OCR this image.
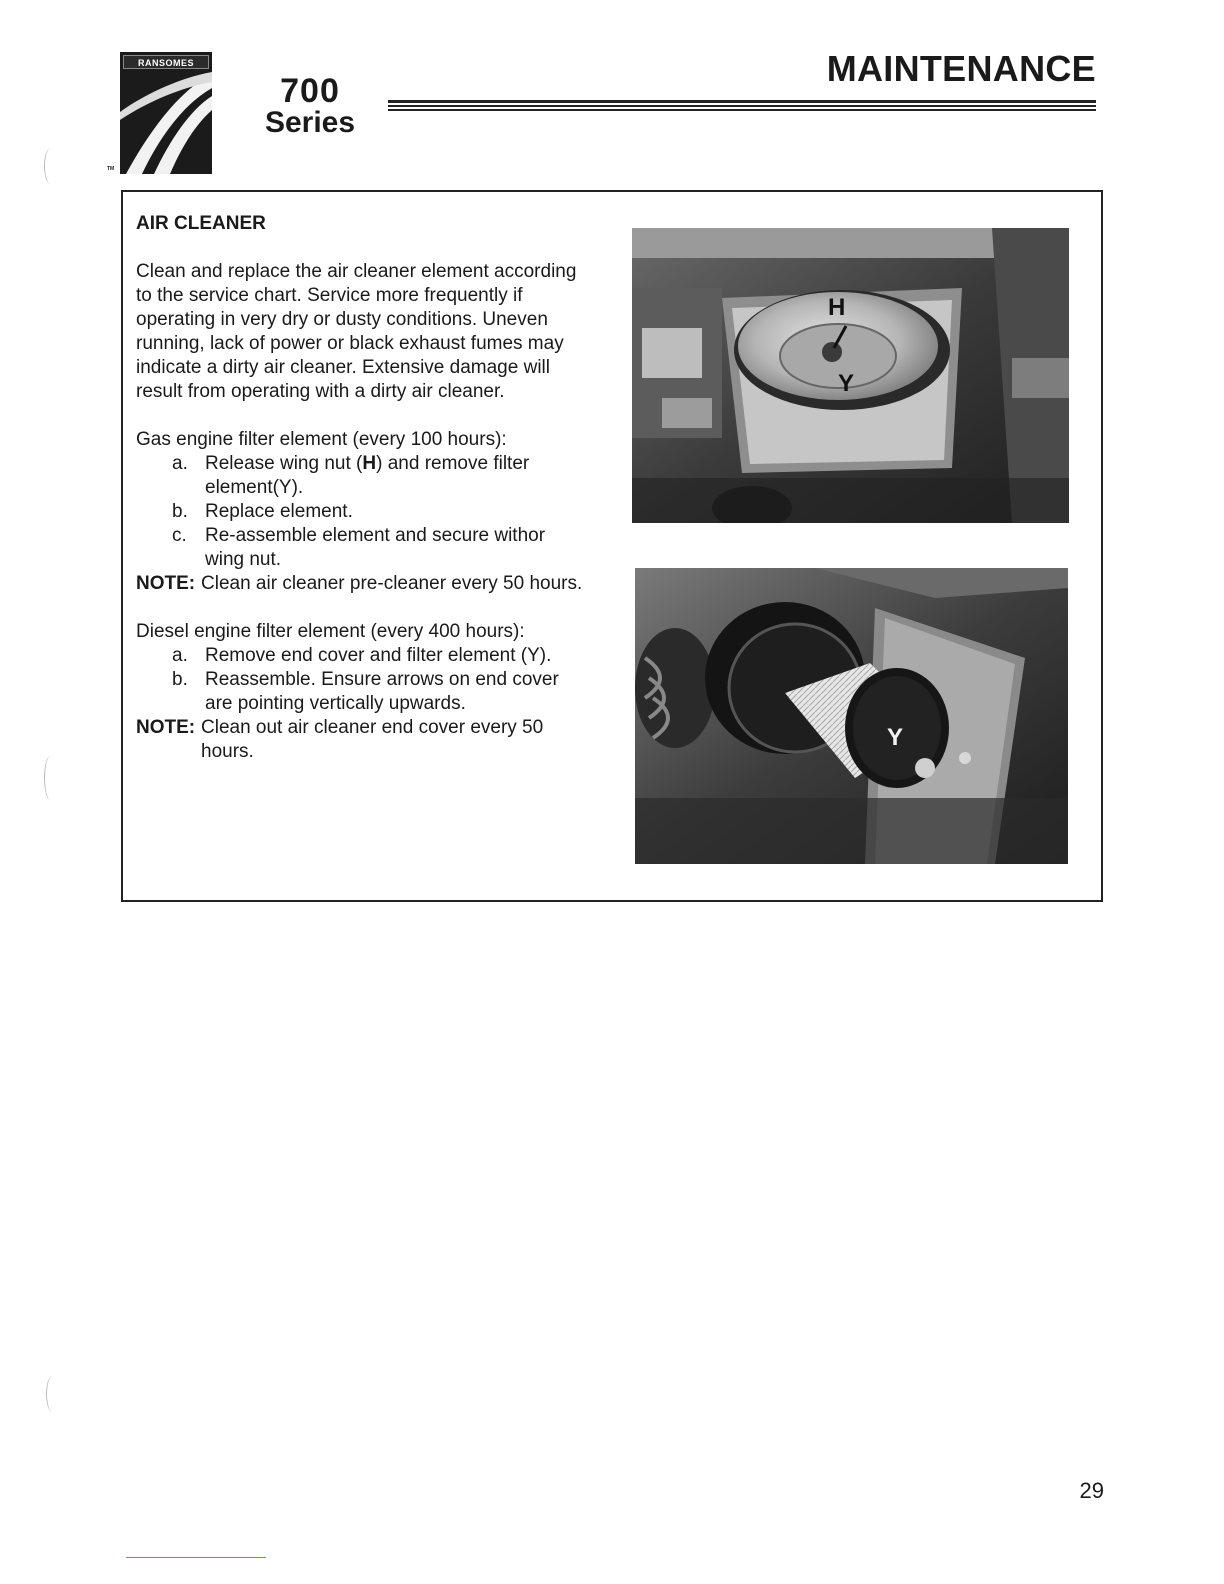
RANSOMES
TM
700
Series
MAINTENANCE
AIR CLEANER

Clean and replace the air cleaner element according

to the service chart. Service more frequently if

operating in very dry or dusty conditions. Uneven

running, lack of power or black exhaust fumes may

indicate a dirty air cleaner. Extensive damage will

result from operating with a dirty air cleaner.

Gas engine filter element (every 100 hours):

a. Release wing nut (H) and remove filter
element(Y).
b. Replace element.
c. Re-assemble element and secure withor
wing nut.
NOTE: Clean air cleaner pre-cleaner every 50 hours.

Diesel engine filter element (every 400 hours):

a. Remove end cover and filter element (Y).
b. Reassemble. Ensure arrows on end cover
are pointing vertically upwards.
NOTE: Clean out air cleaner end cover every 50
hours.
H
Y
Y
29
